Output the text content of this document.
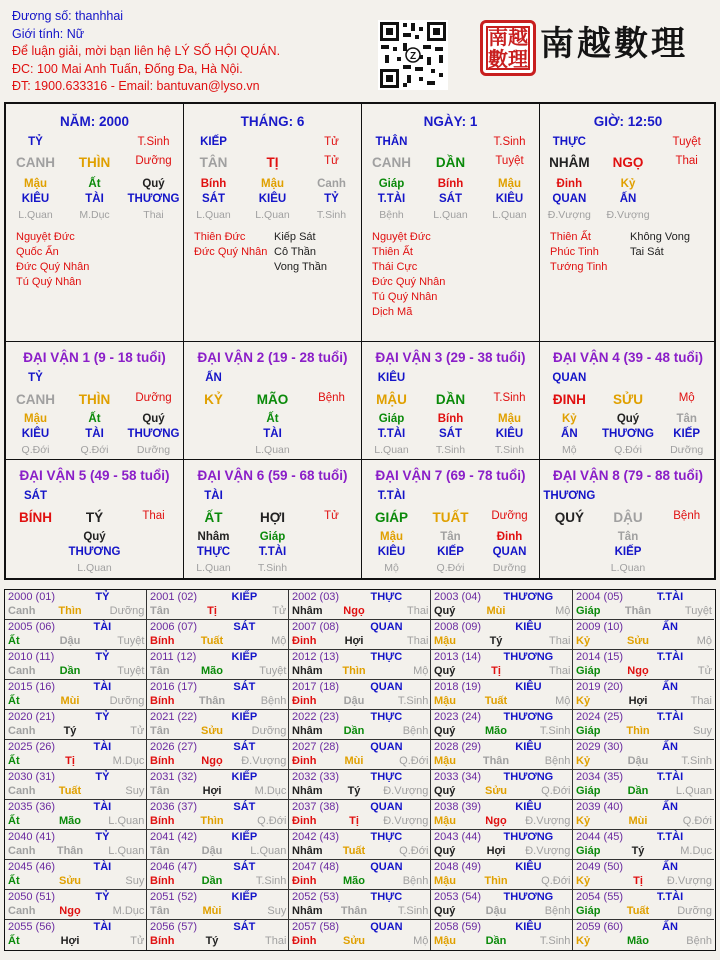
Đương số: thanhhai
Giới tính: Nữ
Để luận giải, mời bạn liên hệ LÝ SỐ HỘI QUÁN.
ĐC: 100 Mai Anh Tuấn, Đống Đa, Hà Nội.
ĐT: 1900.633316 - Email: bantuvan@lyso.vn
Z
南越數理 南越數理
NĂM: 2000
TỶ	T.Sinh
CANH	THÌN	Dưỡng
Mậu	Ất	Quý
KIÊU	TÀI	THƯƠNG
L.Quan	M.Dục	Thai
Nguyệt Đức
Quốc Ấn
Đức Quý Nhân
Tú Quý Nhân
THÁNG: 6
KIẾP	Tử
TÂN	TỊ	Tử
Bính	Mậu	Canh
SÁT	KIÊU	TỶ
L.Quan	L.Quan	T.Sinh
Thiên Đức
Đức Quý Nhân
Kiếp Sát
Cô Thần
Vong Thần
NGÀY: 1
THÂN	T.Sinh
CANH	DẦN	Tuyệt
Giáp	Bính	Mậu
T.TÀI	SÁT	KIÊU
Bệnh	L.Quan	L.Quan
Nguyệt Đức
Thiên Ất
Thái Cực
Đức Quý Nhân
Tú Quý Nhân
Dịch Mã
GIỜ: 12:50
THỰC	Tuyệt
NHÂM	NGỌ	Thai
Đinh	Kỷ
QUAN	ẤN
Đ.Vượng	Đ.Vượng
Thiên Ất
Phúc Tinh
Tướng Tinh
Không Vong
Tai Sát
ĐẠI VẬN 1 (9 - 18 tuổi)
TỶ
CANH	THÌN	Dưỡng
Mậu	Ất	Quý
KIÊU	TÀI	THƯƠNG
Q.Đới	Q.Đới	Dưỡng
ĐẠI VẬN 2 (19 - 28 tuổi)
ẤN
KỶ	MÃO	Bệnh
Ất
TÀI
L.Quan
ĐẠI VẬN 3 (29 - 38 tuổi)
KIÊU
MẬU	DẦN	T.Sinh
Giáp	Bính	Mậu
T.TÀI	SÁT	KIÊU
L.Quan	T.Sinh	T.Sinh
ĐẠI VẬN 4 (39 - 48 tuổi)
QUAN
ĐINH	SỬU	Mộ
Kỷ	Quý	Tân
ẤN	THƯƠNG	KIẾP
Mộ	Q.Đới	Dưỡng
ĐẠI VẬN 5 (49 - 58 tuổi)
SÁT
BÍNH	TÝ	Thai
Quý
THƯƠNG
L.Quan
ĐẠI VẬN 6 (59 - 68 tuổi)
TÀI
ẤT	HỢI	Tử
Nhâm	Giáp
THỰC	T.TÀI
L.Quan	T.Sinh
ĐẠI VẬN 7 (69 - 78 tuổi)
T.TÀI
GIÁP	TUẤT	Dưỡng
Mậu	Tân	Đinh
KIÊU	KIẾP	QUAN
Mộ	Q.Đới	Dưỡng
ĐẠI VẬN 8 (79 - 88 tuổi)
THƯƠNG
QUÝ	DẬU	Bệnh
Tân
KIẾP
L.Quan
2000 (01)	TỶ
Canh	Thìn	Dưỡng
2001 (02)	KIẾP
Tân	Tị	Tử
2002 (03)	THỰC
Nhâm	Ngọ	Thai
2003 (04)	THƯƠNG
Quý	Mùi	Mộ
2004 (05)	T.TÀI
Giáp	Thân	Tuyệt
2005 (06)	TÀI
Ất	Dậu	Tuyệt
2006 (07)	SÁT
Bính	Tuất	Mộ
2007 (08)	QUAN
Đinh	Hợi	Thai
2008 (09)	KIÊU
Mậu	Tý	Thai
2009 (10)	ẤN
Kỷ	Sửu	Mộ
2010 (11)	TỶ
Canh	Dần	Tuyệt
2011 (12)	KIẾP
Tân	Mão	Tuyệt
2012 (13)	THỰC
Nhâm	Thìn	Mộ
2013 (14)	THƯƠNG
Quý	Tị	Thai
2014 (15)	T.TÀI
Giáp	Ngọ	Tử
2015 (16)	TÀI
Ất	Mùi	Dưỡng
2016 (17)	SÁT
Bính	Thân	Bệnh
2017 (18)	QUAN
Đinh	Dậu	T.Sinh
2018 (19)	KIÊU
Mậu	Tuất	Mộ
2019 (20)	ẤN
Kỷ	Hợi	Thai
2020 (21)	TỶ
Canh	Tý	Tử
2021 (22)	KIẾP
Tân	Sửu	Dưỡng
2022 (23)	THỰC
Nhâm	Dần	Bệnh
2023 (24)	THƯƠNG
Quý	Mão	T.Sinh
2024 (25)	T.TÀI
Giáp	Thìn	Suy
2025 (26)	TÀI
Ất	Tị	M.Dục
2026 (27)	SÁT
Bính	Ngọ	Đ.Vượng
2027 (28)	QUAN
Đinh	Mùi	Q.Đới
2028 (29)	KIÊU
Mậu	Thân	Bệnh
2029 (30)	ẤN
Kỷ	Dậu	T.Sinh
2030 (31)	TỶ
Canh	Tuất	Suy
2031 (32)	KIẾP
Tân	Hợi	M.Dục
2032 (33)	THỰC
Nhâm	Tý	Đ.Vượng
2033 (34)	THƯƠNG
Quý	Sửu	Q.Đới
2034 (35)	T.TÀI
Giáp	Dần	L.Quan
2035 (36)	TÀI
Ất	Mão	L.Quan
2036 (37)	SÁT
Bính	Thìn	Q.Đới
2037 (38)	QUAN
Đinh	Tị	Đ.Vượng
2038 (39)	KIÊU
Mậu	Ngọ	Đ.Vượng
2039 (40)	ẤN
Kỷ	Mùi	Q.Đới
2040 (41)	TỶ
Canh	Thân	L.Quan
2041 (42)	KIẾP
Tân	Dậu	L.Quan
2042 (43)	THỰC
Nhâm	Tuất	Q.Đới
2043 (44)	THƯƠNG
Quý	Hợi	Đ.Vượng
2044 (45)	T.TÀI
Giáp	Tý	M.Dục
2045 (46)	TÀI
Ất	Sửu	Suy
2046 (47)	SÁT
Bính	Dần	T.Sinh
2047 (48)	QUAN
Đinh	Mão	Bệnh
2048 (49)	KIÊU
Mậu	Thìn	Q.Đới
2049 (50)	ẤN
Kỷ	Tị	Đ.Vượng
2050 (51)	TỶ
Canh	Ngọ	M.Dục
2051 (52)	KIẾP
Tân	Mùi	Suy
2052 (53)	THỰC
Nhâm	Thân	T.Sinh
2053 (54)	THƯƠNG
Quý	Dậu	Bệnh
2054 (55)	T.TÀI
Giáp	Tuất	Dưỡng
2055 (56)	TÀI
Ất	Hợi	Tử
2056 (57)	SÁT
Bính	Tý	Thai
2057 (58)	QUAN
Đinh	Sửu	Mộ
2058 (59)	KIÊU
Mậu	Dần	T.Sinh
2059 (60)	ẤN
Kỷ	Mão	Bệnh
